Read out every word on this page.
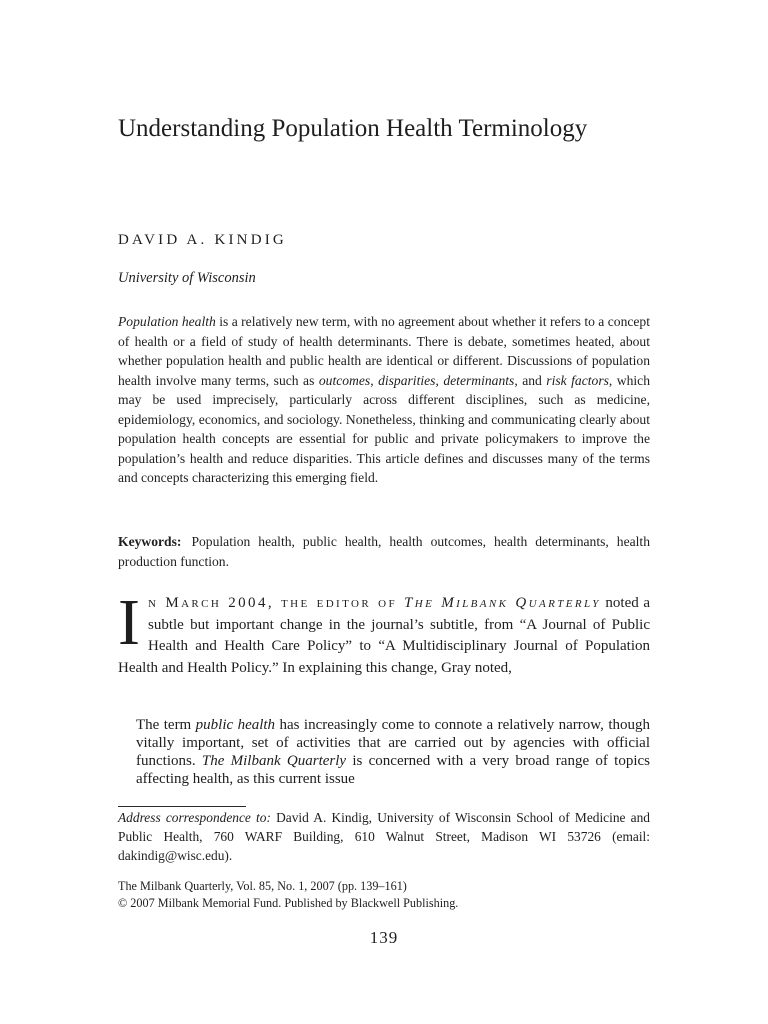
Understanding Population Health Terminology
DAVID A. KINDIG
University of Wisconsin

Population health is a relatively new term, with no agreement about whether it refers to a concept of health or a field of study of health determinants. There is debate, sometimes heated, about whether population health and public health are identical or different. Discussions of population health involve many terms, such as outcomes, disparities, determinants, and risk factors, which may be used imprecisely, particularly across different disciplines, such as medicine, epidemiology, economics, and sociology. Nonetheless, thinking and communicating clearly about population health concepts are essential for public and private policymakers to improve the population’s health and reduce disparities. This article defines and discusses many of the terms and concepts characterizing this emerging field.

Keywords: Population health, public health, health outcomes, health determinants, health production function.

In March 2004, the editor of The Milbank Quarterly noted a subtle but important change in the journal’s subtitle, from “A Journal of Public Health and Health Care Policy” to “A Multidisciplinary Journal of Population Health and Health Policy.” In explaining this change, Gray noted,

The term public health has increasingly come to connote a relatively narrow, though vitally important, set of activities that are carried out by agencies with official functions. The Milbank Quarterly is concerned with a very broad range of topics affecting health, as this current issue

Address correspondence to: David A. Kindig, University of Wisconsin School of Medicine and Public Health, 760 WARF Building, 610 Walnut Street, Madison WI 53726 (email: dakindig@wisc.edu).

The Milbank Quarterly, Vol. 85, No. 1, 2007 (pp. 139–161)
© 2007 Milbank Memorial Fund. Published by Blackwell Publishing.
139
